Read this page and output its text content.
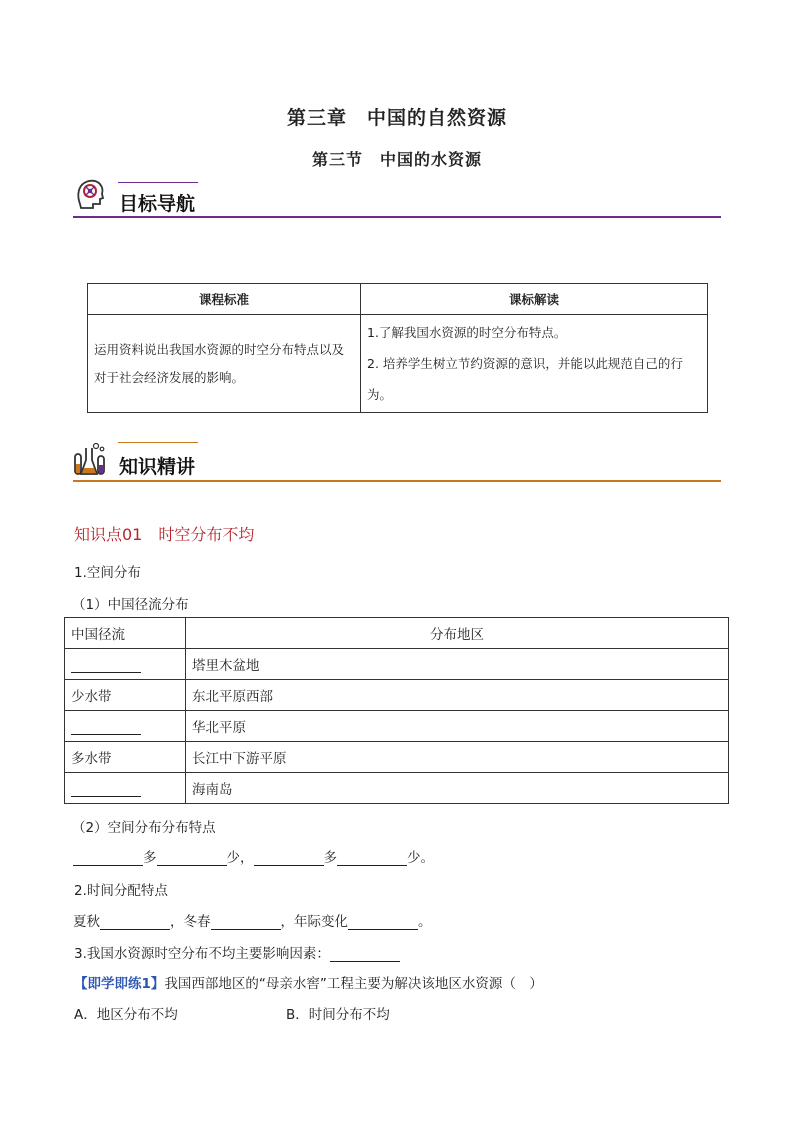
第三章　中国的自然资源
第三节　中国的水资源
目标导航
课程标准	课标解读
运用资料说出我国水资源的时空分布特点以及对于社会经济发展的影响。	1.了解我国水资源的时空分布特点。
2. 培养学生树立节约资源的意识，并能以此规范自己的行为。
知识精讲
知识点01　时空分布不均
1.空间分布
（1）中国径流分布
中国径流	分布地区
	塔里木盆地
少水带	东北平原西部
	华北平原
多水带	长江中下游平原
	海南岛
（2）空间分布分布特点
多	少，	多	少。
2.时间分配特点
夏秋	，冬春	，年际变化	。
3.我国水资源时空分布不均主要影响因素：
【即学即练1】我国西部地区的“母亲水窖”工程主要为解决该地区水资源（　）
A．地区分布不均	B．时间分布不均
